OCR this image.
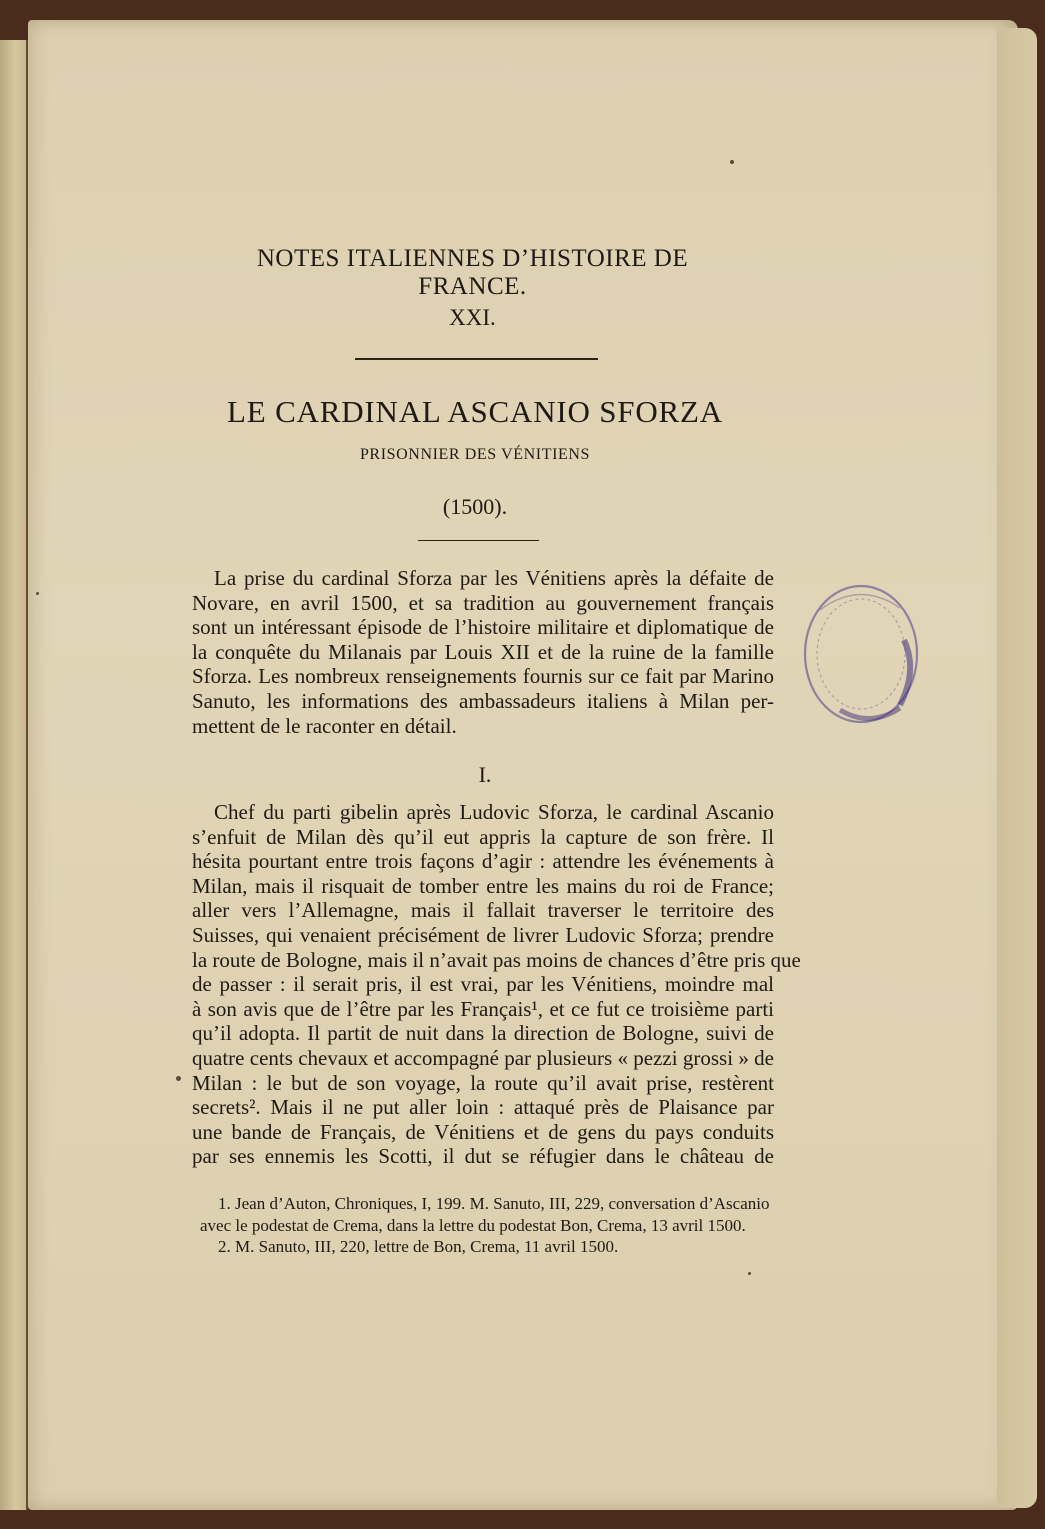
NOTES ITALIENNES D’HISTOIRE DE FRANCE.
XXI.
LE CARDINAL ASCANIO SFORZA
PRISONNIER DES VÉNITIENS
(1500).
La prise du cardinal Sforza par les Vénitiens après la défaite de
Novare, en avril 1500, et sa tradition au gouvernement français
sont un intéressant épisode de l’histoire militaire et diplomatique de
la conquête du Milanais par Louis XII et de la ruine de la famille
Sforza. Les nombreux renseignements fournis sur ce fait par Marino
Sanuto, les informations des ambassadeurs italiens à Milan per-
mettent de le raconter en détail.
I.
Chef du parti gibelin après Ludovic Sforza, le cardinal Ascanio
s’enfuit de Milan dès qu’il eut appris la capture de son frère. Il
hésita pourtant entre trois façons d’agir : attendre les événements à
Milan, mais il risquait de tomber entre les mains du roi de France;
aller vers l’Allemagne, mais il fallait traverser le territoire des
Suisses, qui venaient précisément de livrer Ludovic Sforza; prendre
la route de Bologne, mais il n’avait pas moins de chances d’être pris que
de passer : il serait pris, il est vrai, par les Vénitiens, moindre mal
à son avis que de l’être par les Français¹, et ce fut ce troisième parti
qu’il adopta. Il partit de nuit dans la direction de Bologne, suivi de
quatre cents chevaux et accompagné par plusieurs « pezzi grossi » de
Milan : le but de son voyage, la route qu’il avait prise, restèrent
secrets². Mais il ne put aller loin : attaqué près de Plaisance par
une bande de Français, de Vénitiens et de gens du pays conduits
par ses ennemis les Scotti, il dut se réfugier dans le château de
1. Jean d’Auton, Chroniques, I, 199. M. Sanuto, III, 229, conversation d’Ascanio
avec le podestat de Crema, dans la lettre du podestat Bon, Crema, 13 avril 1500.
2. M. Sanuto, III, 220, lettre de Bon, Crema, 11 avril 1500.
